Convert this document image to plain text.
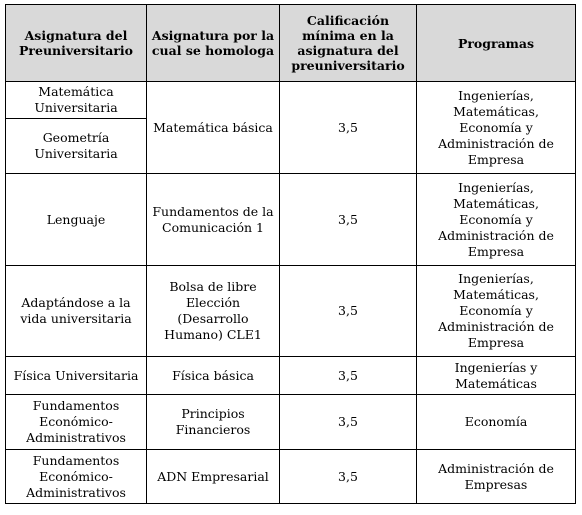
Asignatura del Preuniversitario	Asignatura por la cual se homologa	Calificación mínima en la asignatura del preuniversitario	Programas
Matemática Universitaria	Matemática básica	3,5	Ingenierías, Matemáticas, Economía y Administración de Empresa
Geometría Universitaria			
Lenguaje	Fundamentos de la Comunicación 1	3,5	Ingenierías, Matemáticas, Economía y Administración de Empresa
Adaptándose a la vida universitaria	Bolsa de libre Elección (Desarrollo Humano) CLE1	3,5	Ingenierías, Matemáticas, Economía y Administración de Empresa
Física Universitaria	Física básica	3,5	Ingenierías y Matemáticas
Fundamentos Económico-Administrativos	Principios Financieros	3,5	Economía
Fundamentos Económico-Administrativos	ADN Empresarial	3,5	Administración de Empresas
